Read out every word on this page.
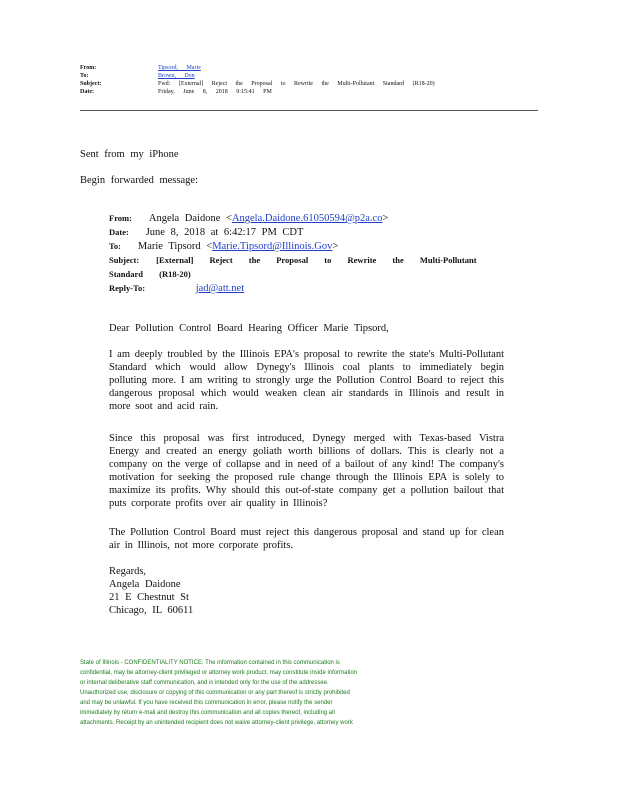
From:	Tipsord, Marie
To:	Brown, Don
Subject:	Fwd: [External] Reject the Proposal to Rewrite the Multi-Pollutant Standard (R18-20)
Date:	Friday, June 8, 2018 9:15:41 PM
Sent from my iPhone
Begin forwarded message:
From: Angela Daidone <Angela.Daidone.61050594@p2a.co>
Date: June 8, 2018 at 6:42:17 PM CDT
To: Marie Tipsord <Marie.Tipsord@Illinois.Gov>
Subject: [External] Reject the Proposal to Rewrite the Multi-Pollutant
Standard (R18-20)
Reply-To:	jad@att.net
Dear Pollution Control Board Hearing Officer Marie Tipsord,
I am deeply troubled by the Illinois EPA's proposal to rewrite the state's Multi-Pollutant Standard which would allow Dynegy's Illinois coal plants to immediately begin polluting more. I am writing to strongly urge the Pollution Control Board to reject this dangerous proposal which would weaken clean air standards in Illinois and result in more soot and acid rain.
Since this proposal was first introduced, Dynegy merged with Texas-based Vistra Energy and created an energy goliath worth billions of dollars. This is clearly not a company on the verge of collapse and in need of a bailout of any kind! The company's motivation for seeking the proposed rule change through the Illinois EPA is solely to maximize its profits. Why should this out-of-state company get a pollution bailout that puts corporate profits over air quality in Illinois?
The Pollution Control Board must reject this dangerous proposal and stand up for clean air in Illinois, not more corporate profits.
Regards,
Angela Daidone
21 E Chestnut St
Chicago, IL 60611
State of Illinois - CONFIDENTIALITY NOTICE: The information contained in this communication is
confidential, may be attorney-client privileged or attorney work product, may constitute inside information
or internal deliberative staff communication, and is intended only for the use of the addressee.
Unauthorized use, disclosure or copying of this communication or any part thereof is strictly prohibited
and may be unlawful. If you have received this communication in error, please notify the sender
immediately by return e-mail and destroy this communication and all copies thereof, including all
attachments. Receipt by an unintended recipient does not waive attorney-client privilege, attorney work
